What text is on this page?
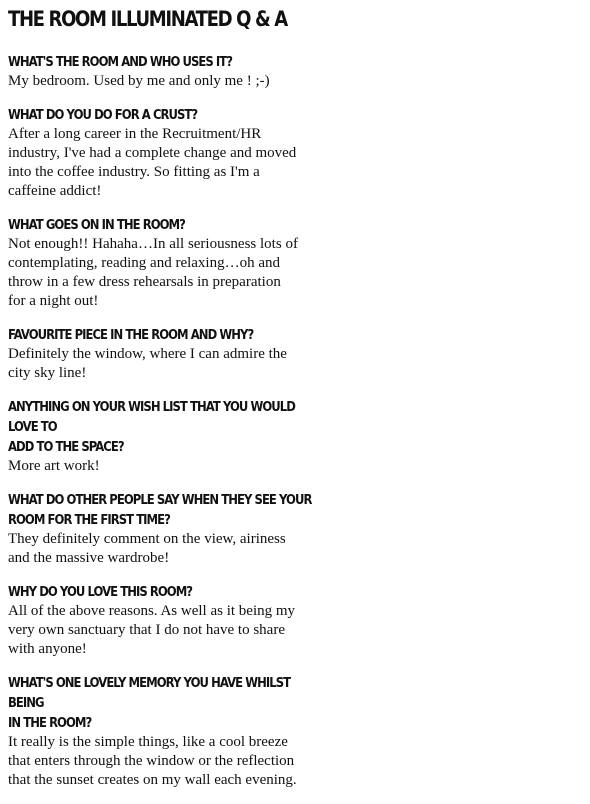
THE ROOM ILLUMINATED Q & A
WHAT'S THE ROOM AND WHO USES IT?
My bedroom. Used by me and only me ! ;-)
WHAT DO YOU DO FOR A CRUST?
After a long career in the Recruitment/HR
industry, I've had a complete change and moved
into the coffee industry. So fitting as I'm a
caffeine addict!
WHAT GOES ON IN THE ROOM?
Not enough!! Hahaha…In all seriousness lots of
contemplating, reading and relaxing…oh and
throw in a few dress rehearsals in preparation
for a night out!
FAVOURITE PIECE IN THE ROOM AND WHY?
Definitely the window, where I can admire the
city sky line!
ANYTHING ON YOUR WISH LIST THAT YOU WOULD LOVE TO
ADD TO THE SPACE?
More art work!
WHAT DO OTHER PEOPLE SAY WHEN THEY SEE YOUR
ROOM FOR THE FIRST TIME?
They definitely comment on the view, airiness
and the massive wardrobe!
WHY DO YOU LOVE THIS ROOM?
All of the above reasons. As well as it being my
very own sanctuary that I do not have to share
with anyone!
WHAT'S ONE LOVELY MEMORY YOU HAVE WHILST BEING
IN THE ROOM?
It really is the simple things, like a cool breeze
that enters through the window or the reflection
that the sunset creates on my wall each evening.
